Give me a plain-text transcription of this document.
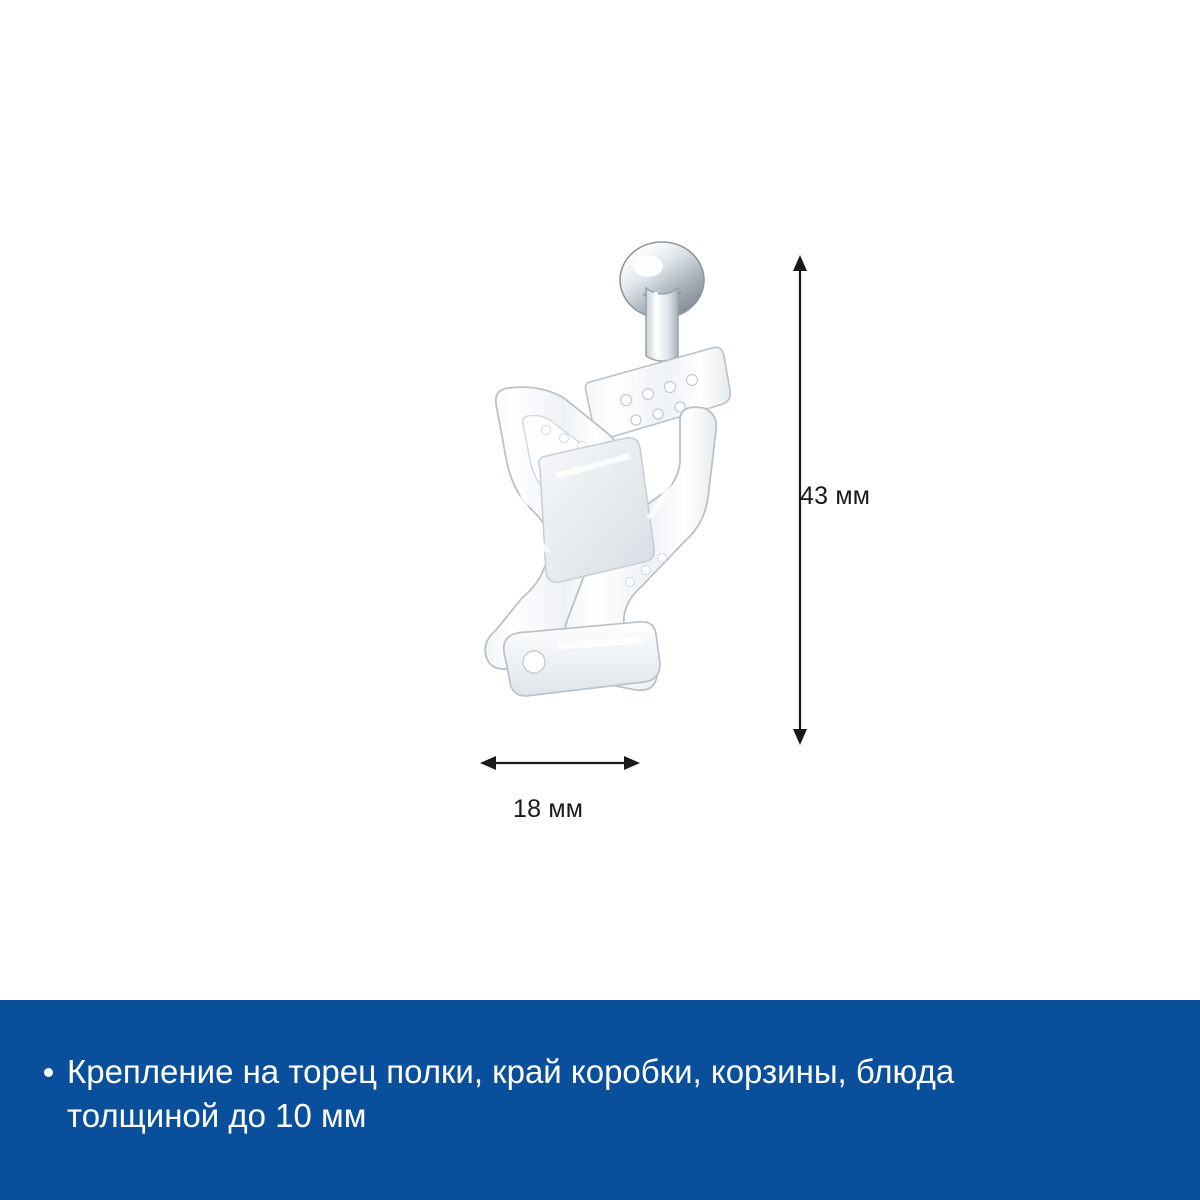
43 мм
18 мм
Крепление на торец полки, край коробки, корзины, блюда толщиной до 10 мм
